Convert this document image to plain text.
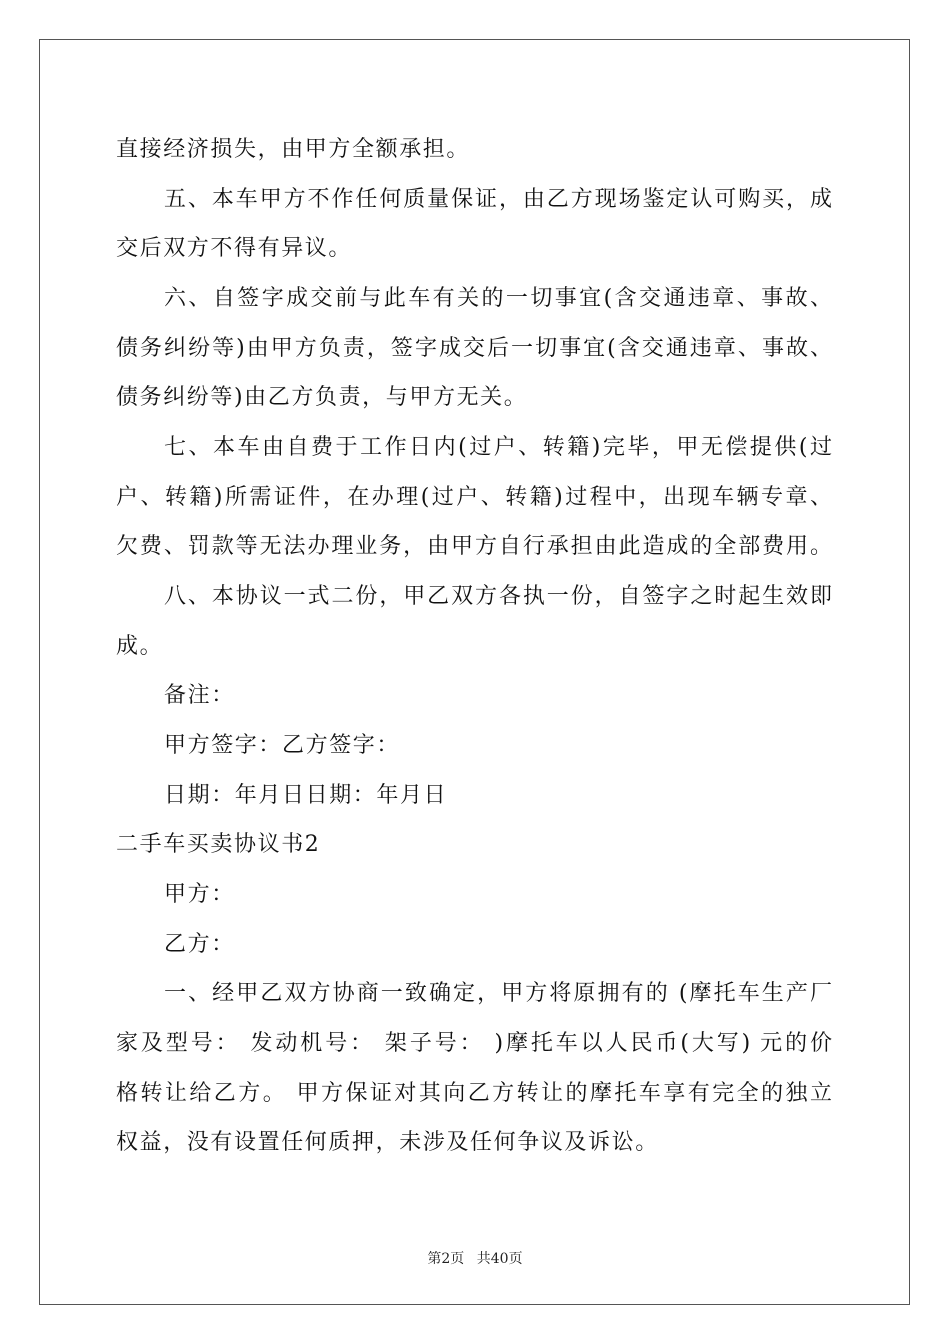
直接经济损失，由甲方全额承担。
五、本车甲方不作任何质量保证，由乙方现场鉴定认可购买，成
交后双方不得有异议。
六、自签字成交前与此车有关的一切事宜(含交通违章、事故、
债务纠纷等)由甲方负责，签字成交后一切事宜(含交通违章、事故、
债务纠纷等)由乙方负责，与甲方无关。
七、本车由自费于工作日内(过户、转籍)完毕，甲无偿提供(过
户、转籍)所需证件，在办理(过户、转籍)过程中，出现车辆专章、
欠费、罚款等无法办理业务，由甲方自行承担由此造成的全部费用。
八、本协议一式二份，甲乙双方各执一份，自签字之时起生效即
成。
备注：
甲方签字：乙方签字：
日期：年月日日期：年月日
二手车买卖协议书2
甲方：
乙方：
一、经甲乙双方协商一致确定，甲方将原拥有的 (摩托车生产厂
家及型号： 发动机号： 架子号： )摩托车以人民币(大写) 元的价
格转让给乙方。 甲方保证对其向乙方转让的摩托车享有完全的独立
权益，没有设置任何质押，未涉及任何争议及诉讼。
第2页 共40页
